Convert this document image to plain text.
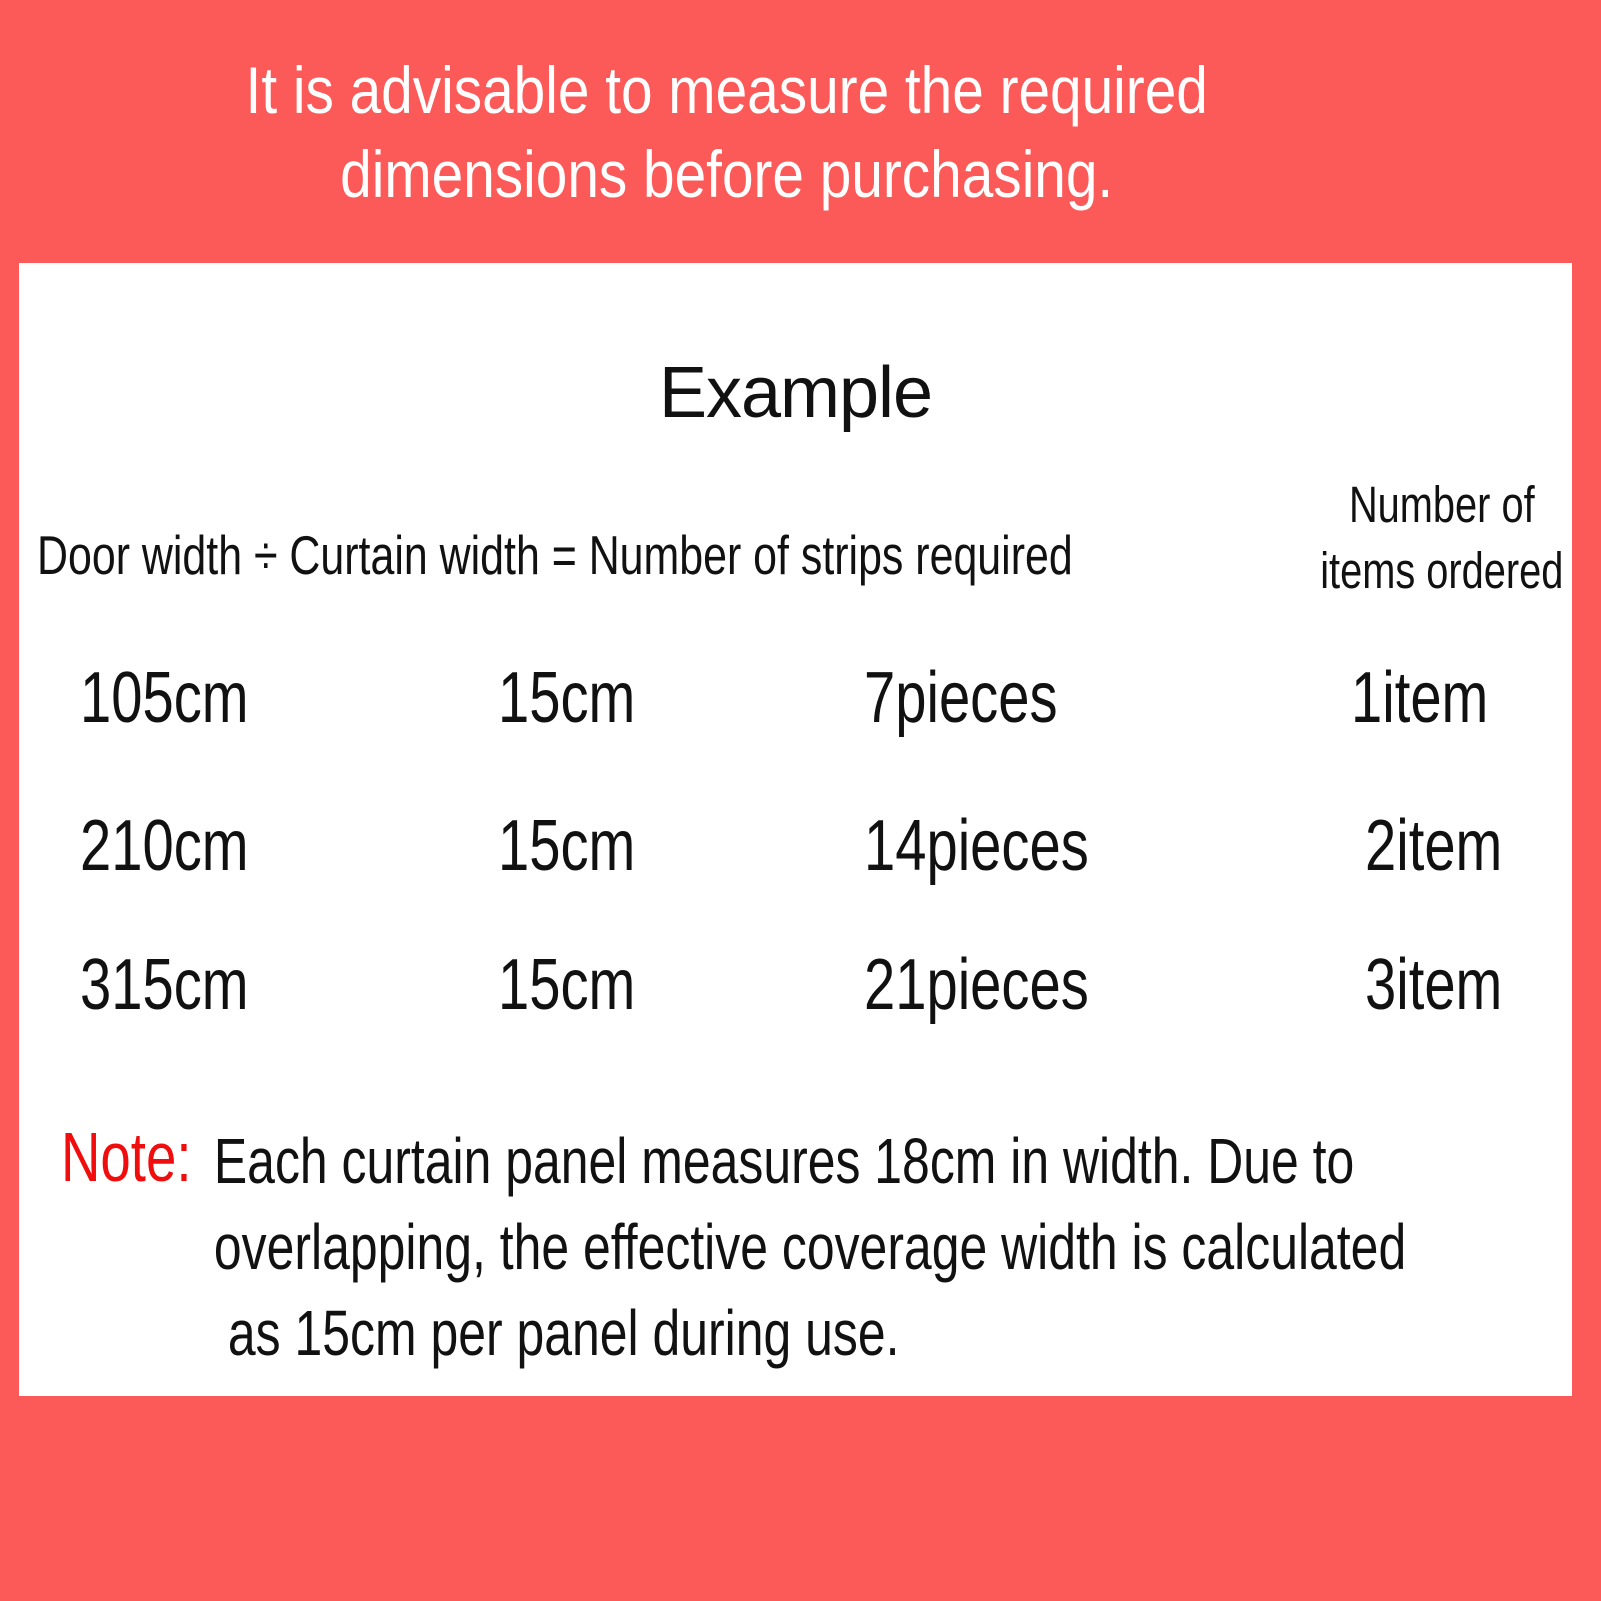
It is advisable to measure the required
dimensions before purchasing.
Example
Door width ÷ Curtain width = Number of strips required
Number of
items ordered
105cm	15cm	7pieces	1item
210cm	15cm	14pieces	2item
315cm	15cm	21pieces	3item
Note: Each curtain panel measures 18cm in width. Due to
overlapping, the effective coverage width is calculated
as 15cm per panel during use.
